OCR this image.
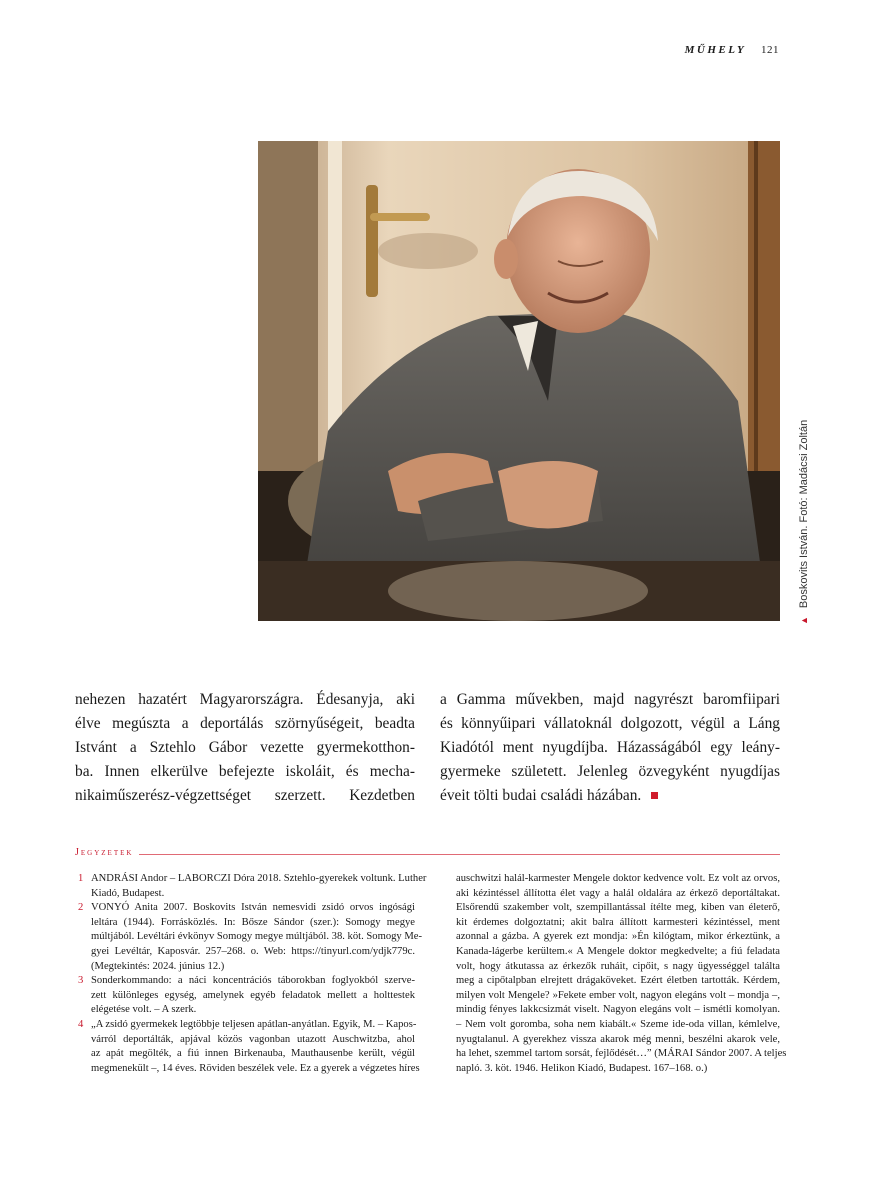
MŰHELY 121
▲Boskovits István. Fotó: Madácsi Zoltán
nehezen hazatért Magyarországra. Édesanyja, aki
élve megúszta a deportálás szörnyűségeit, beadta
Istvánt a Sztehlo Gábor vezette gyermekotthon-
ba. Innen elkerülve befejezte iskoláit, és mecha-
nikaiműszerész-végzettséget szerzett. Kezdetben
a Gamma művekben, majd nagyrészt baromfiipari
és könnyűipari vállatoknál dolgozott, végül a Láng
Kiadótól ment nyugdíjba. Házasságából egy leány-
gyermeke született. Jelenleg özvegyként nyugdíjas
éveit tölti budai családi házában.
Jegyzetek
1 ANDRÁSI Andor – LABORCZI Dóra 2018. Sztehlo-gyerekek voltunk. Luther
Kiadó, Budapest.
2 VONYÓ Anita 2007. Boskovits István nemesvidi zsidó orvos ingósági
leltára (1944). Forrásközlés. In: Bősze Sándor (szer.): Somogy megye
múltjából. Levéltári évkönyv Somogy megye múltjából. 38. köt. Somogy Me-
gyei Levéltár, Kaposvár. 257–268. o. Web: https://tinyurl.com/ydjk779c.
(Megtekintés: 2024. június 12.)
3 Sonderkommando: a náci koncentrációs táborokban foglyokból szerve-
zett különleges egység, amelynek egyéb feladatok mellett a holttestek
elégetése volt. – A szerk.
4 „A zsidó gyermekek legtöbbje teljesen apátlan-anyátlan. Egyik, M. – Kapos-
várról deportálták, apjával közös vagonban utazott Auschwitzba, ahol
az apát megölték, a fiú innen Birkenauba, Mauthausenbe került, végül
megmenekült –, 14 éves. Röviden beszélek vele. Ez a gyerek a végzetes híres
auschwitzi halál-karmester Mengele doktor kedvence volt. Ez volt az orvos,
aki kézintéssel állította élet vagy a halál oldalára az érkező deportáltakat.
Elsőrendű szakember volt, szempillantással ítélte meg, kiben van életerő,
kit érdemes dolgoztatni; akit balra állított karmesteri kézintéssel, ment
azonnal a gázba. A gyerek ezt mondja: »Én kilógtam, mikor érkeztünk, a
Kanada-lágerbe kerültem.« A Mengele doktor megkedvelte; a fiú feladata
volt, hogy átkutassa az érkezők ruháit, cipőit, s nagy ügyességgel találta
meg a cipőtalpban elrejtett drágaköveket. Ezért életben tartották. Kérdem,
milyen volt Mengele? »Fekete ember volt, nagyon elegáns volt – mondja –,
mindig fényes lakkcsizmát viselt. Nagyon elegáns volt – ismétli komolyan.
– Nem volt goromba, soha nem kiabált.« Szeme ide-oda villan, kémlelve,
nyugtalanul. A gyerekhez vissza akarok még menni, beszélni akarok vele,
ha lehet, szemmel tartom sorsát, fejlődését…” (MÁRAI Sándor 2007. A teljes
napló. 3. köt. 1946. Helikon Kiadó, Budapest. 167–168. o.)
